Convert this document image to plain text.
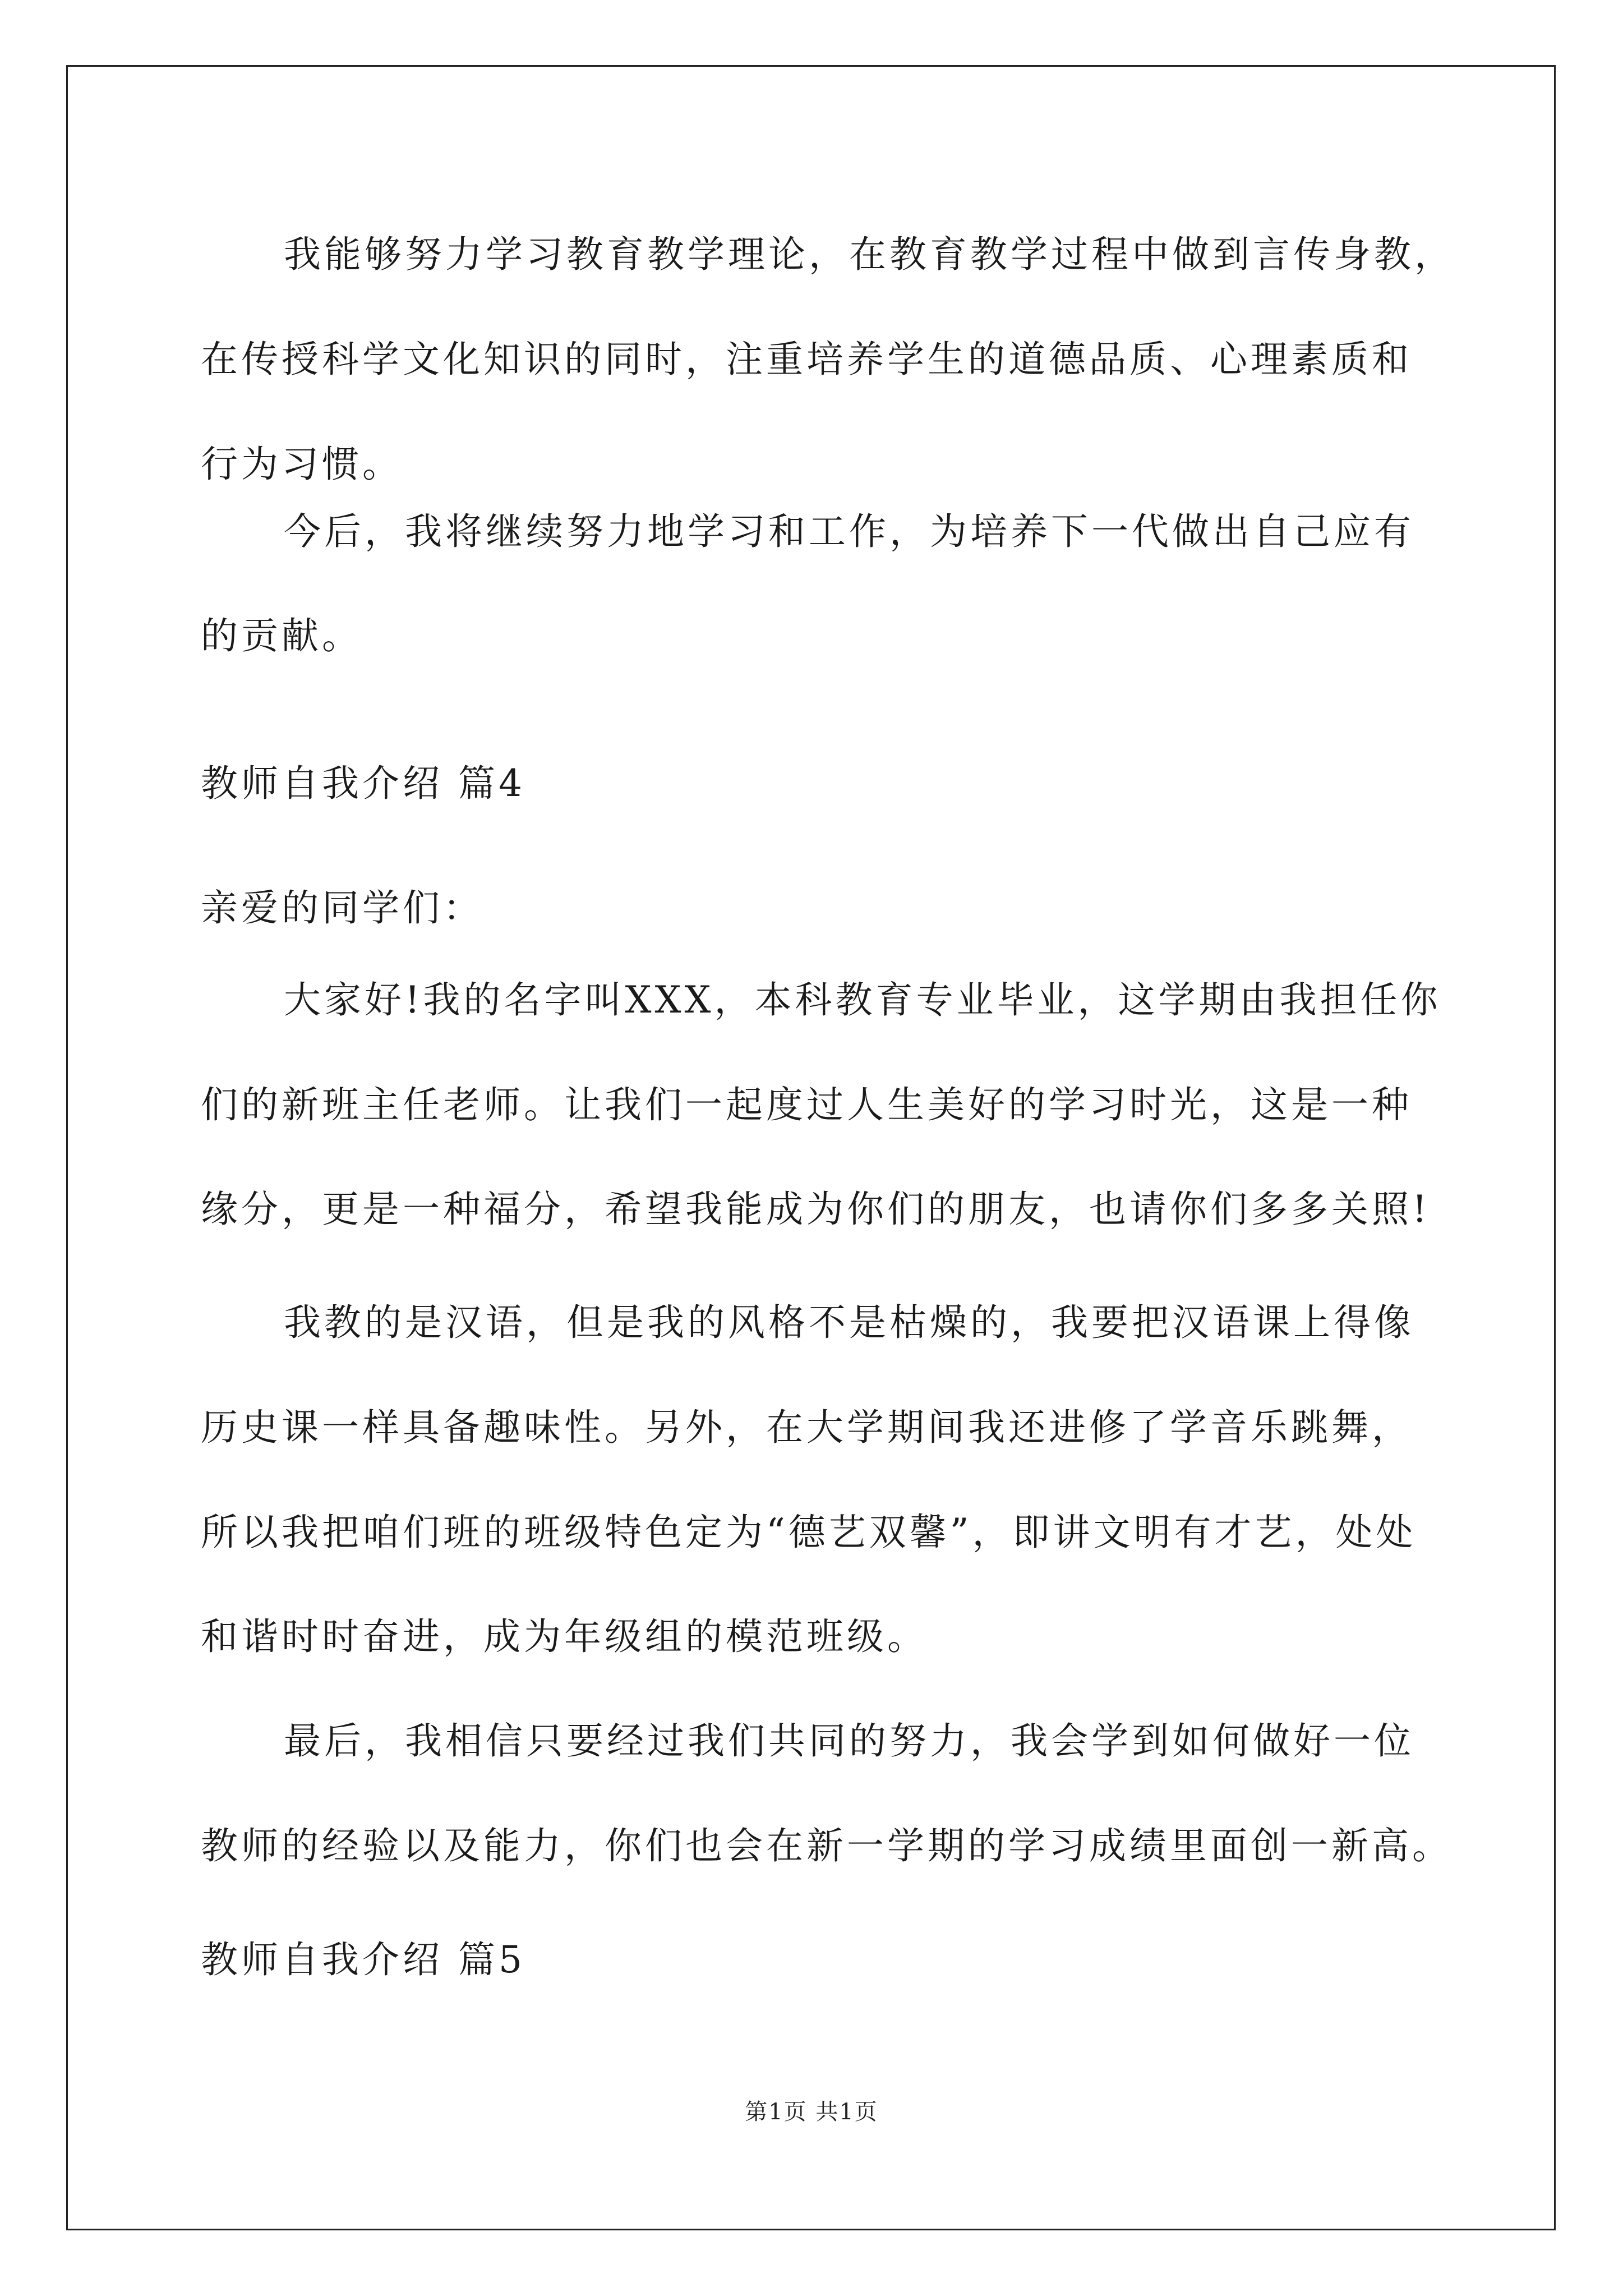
我能够努力学习教育教学理论，在教育教学过程中做到言传身教，
在传授科学文化知识的同时，注重培养学生的道德品质、心理素质和
行为习惯。
今后，我将继续努力地学习和工作，为培养下一代做出自己应有
的贡献。
教师自我介绍 篇4
亲爱的同学们：
大家好!我的名字叫XXX，本科教育专业毕业，这学期由我担任你
们的新班主任老师。让我们一起度过人生美好的学习时光，这是一种
缘分，更是一种福分，希望我能成为你们的朋友，也请你们多多关照!
我教的是汉语，但是我的风格不是枯燥的，我要把汉语课上得像
历史课一样具备趣味性。另外，在大学期间我还进修了学音乐跳舞，
所以我把咱们班的班级特色定为“德艺双馨”，即讲文明有才艺，处处
和谐时时奋进，成为年级组的模范班级。
最后，我相信只要经过我们共同的努力，我会学到如何做好一位
教师的经验以及能力，你们也会在新一学期的学习成绩里面创一新高。
教师自我介绍 篇5
第1页 共1页
